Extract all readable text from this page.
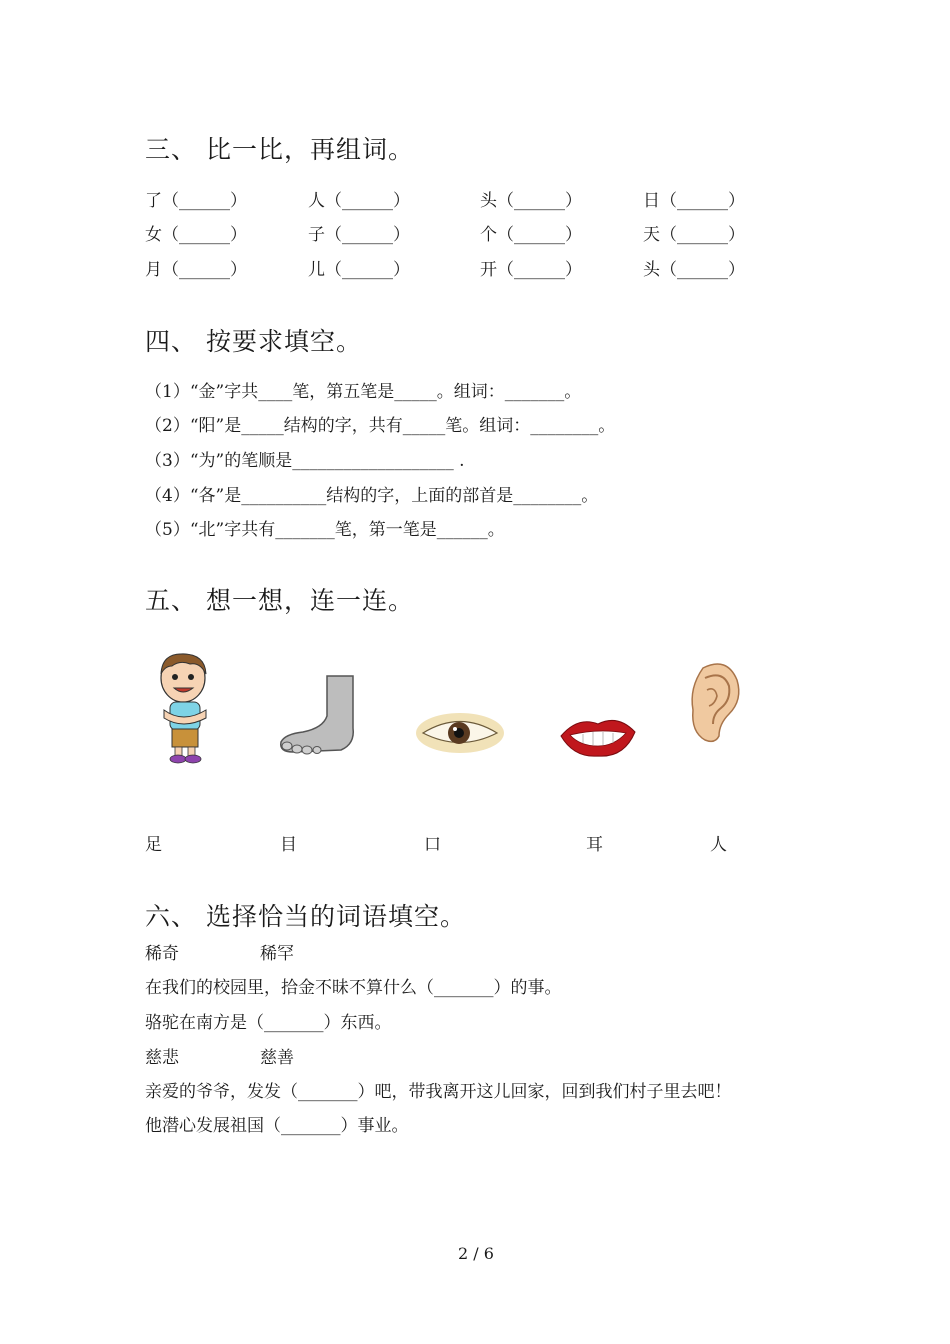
三、 比一比，再组词。
了（______）	人（______）	头（______）	日（______）
女（______）	子（______）	个（______）	天（______）
月（______）	儿（______）	开（______）	头（______）
四、 按要求填空。
（1）“金”字共____笔，第五笔是_____。组词：_______。
（2）“阳”是_____结构的字，共有_____笔。组词：________。
（3）“为”的笔顺是___________________ .
（4）“各”是__________结构的字，上面的部首是________。
（5）“北”字共有_______笔，第一笔是______。
五、 想一想，连一连。
足	目	口	耳	人
六、 选择恰当的词语填空。
稀奇	稀罕
在我们的校园里，拾金不昧不算什么（_______）的事。
骆驼在南方是（_______）东西。
慈悲	慈善
亲爱的爷爷，发发（_______）吧，带我离开这儿回家，回到我们村子里去吧！
他潜心发展祖国（_______）事业。
2 / 6
